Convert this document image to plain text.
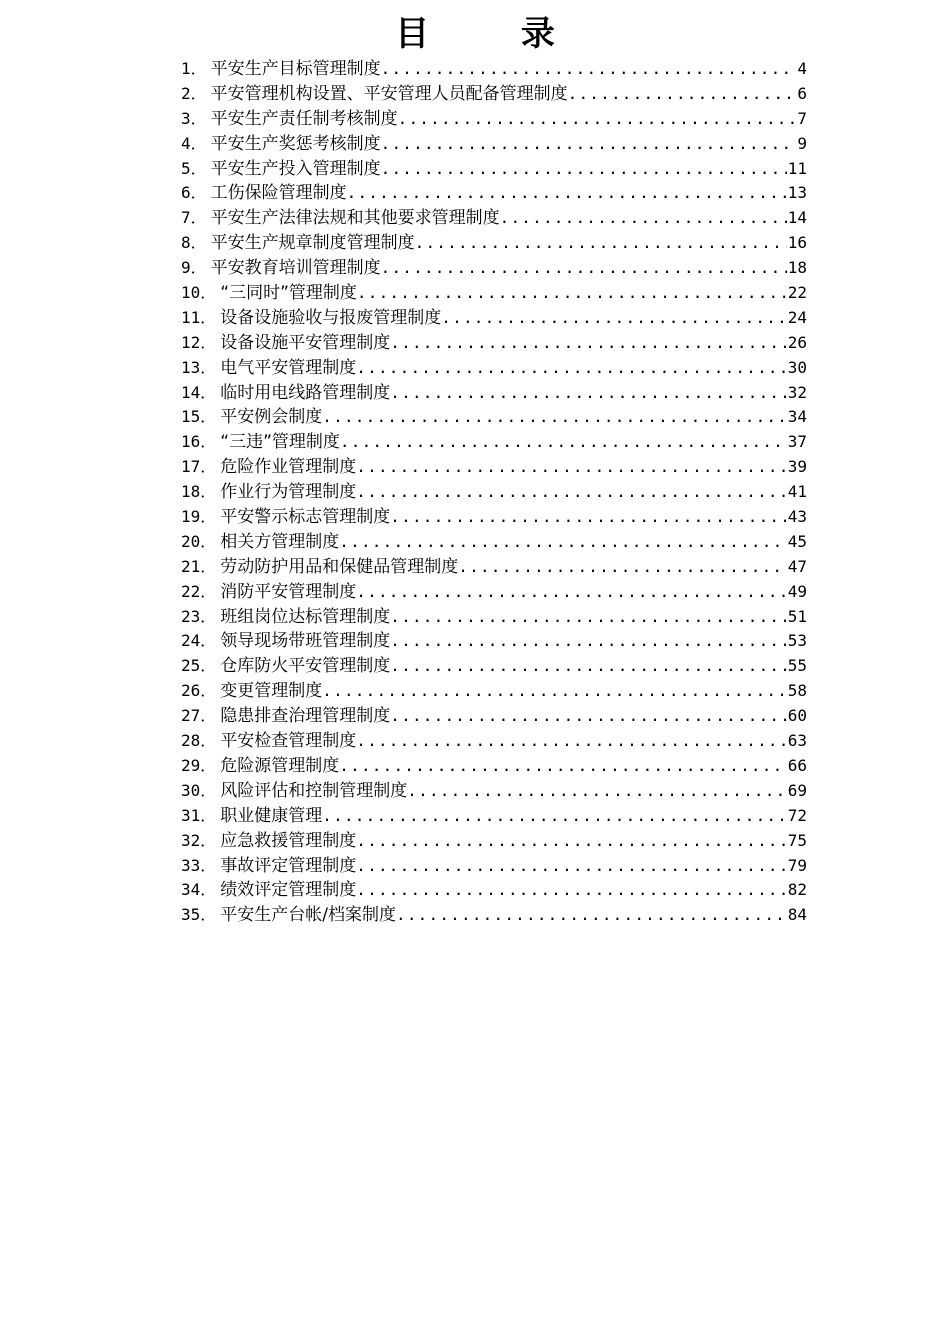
目 录
1． 平安生产目标管理制度 .....	4
2． 平安管理机构设置、平安管理人员配备管理制度 .....	6
3． 平安生产责任制考核制度 .....	7
4． 平安生产奖惩考核制度 .....	9
5． 平安生产投入管理制度 .....	11
6． 工伤保险管理制度 .....	13
7． 平安生产法律法规和其他要求管理制度 .....	14
8． 平安生产规章制度管理制度 .....	16
9． 平安教育培训管理制度 .....	18
10． “三同时”管理制度 .....	22
11． 设备设施验收与报废管理制度 .....	24
12． 设备设施平安管理制度 .....	26
13． 电气平安管理制度 .....	30
14． 临时用电线路管理制度 .....	32
15． 平安例会制度 .....	34
16． “三违”管理制度 .....	37
17． 危险作业管理制度 .....	39
18． 作业行为管理制度 .....	41
19． 平安警示标志管理制度 .....	43
20． 相关方管理制度 .....	45
21． 劳动防护用品和保健品管理制度 .....	47
22． 消防平安管理制度 .....	49
23． 班组岗位达标管理制度 .....	51
24． 领导现场带班管理制度 .....	53
25． 仓库防火平安管理制度 .....	55
26． 变更管理制度 .....	58
27． 隐患排查治理管理制度 .....	60
28． 平安检查管理制度 .....	63
29． 危险源管理制度 .....	66
30． 风险评估和控制管理制度 .....	69
31． 职业健康管理 .....	72
32． 应急救援管理制度 .....	75
33． 事故评定管理制度 .....	79
34． 绩效评定管理制度 .....	82
35． 平安生产台帐/档案制度 .....	84
